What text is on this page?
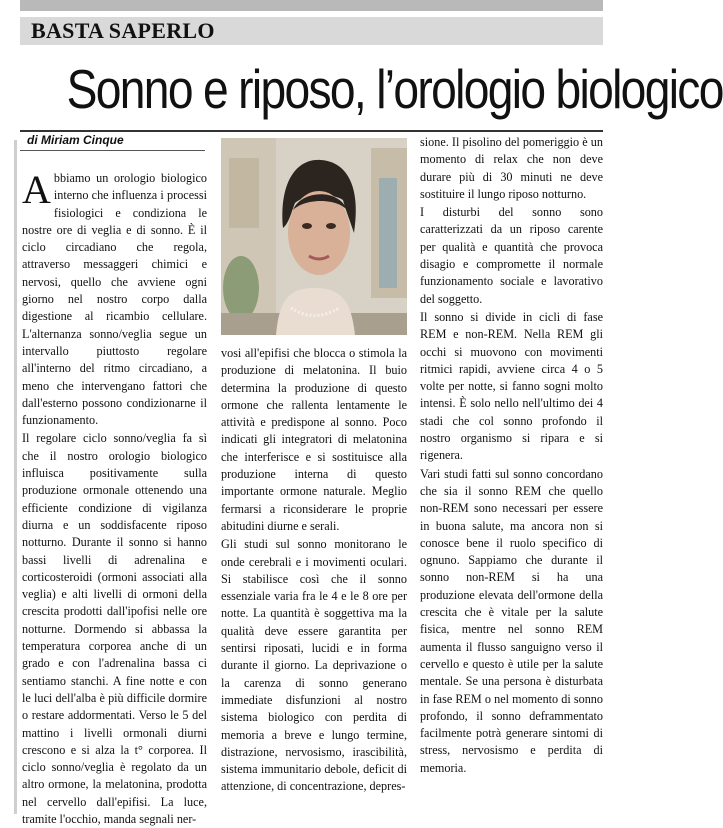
BASTA SAPERLO
Sonno e riposo, l’orologio biologico
di Miriam Cinque

Abbiamo un orologio biologico interno che influenza i processi fisiologici e condiziona le nostre ore di veglia e di sonno. È il ciclo circadiano che regola, attraverso messaggeri chimici e nervosi, quello che avviene ogni giorno nel nostro corpo dalla digestione al ricambio cellulare. L'alternanza sonno/veglia segue un intervallo piuttosto regolare all'interno del ritmo circadiano, a meno che intervengano fattori che dall'esterno possono condizionarne il funzionamento.

Il regolare ciclo sonno/veglia fa sì che il nostro orologio biologico influisca positivamente sulla produzione ormonale ottenendo una efficiente condizione di vigilanza diurna e un soddisfacente riposo notturno. Durante il sonno si hanno bassi livelli di adrenalina e corticosteroidi (ormoni associati alla veglia) e alti livelli di ormoni della crescita prodotti dall'ipofisi nelle ore notturne. Dormendo si abbassa la temperatura corporea anche di un grado e con l'adrenalina bassa ci sentiamo stanchi. A fine notte e con le luci dell'alba è più difficile dormire o restare addormentati. Verso le 5 del mattino i livelli ormonali diurni crescono e si alza la t° corporea. Il ciclo sonno/veglia è regolato da un altro ormone, la melatonina, prodotta nel cervello dall'epifisi. La luce, tramite l'occhio, manda segnali ner-

vosi all'epifisi che blocca o stimola la produzione di melatonina. Il buio determina la produzione di questo ormone che rallenta lentamente le attività e predispone al sonno. Poco indicati gli integratori di melatonina che interferisce e si sostituisce alla produzione interna di questo importante ormone naturale. Meglio fermarsi a riconsiderare le proprie abitudini diurne e serali.

Gli studi sul sonno monitorano le onde cerebrali e i movimenti oculari. Si stabilisce così che il sonno essenziale varia fra le 4 e le 8 ore per notte. La quantità è soggettiva ma la qualità deve essere garantita per sentirsi riposati, lucidi e in forma durante il giorno. La deprivazione o la carenza di sonno generano immediate disfunzioni al nostro sistema biologico con perdita di memoria a breve e lungo termine, distrazione, nervosismo, irascibilità, sistema immunitario debole, deficit di attenzione, di concentrazione, depres-

sione. Il pisolino del pomeriggio è un momento di relax che non deve durare più di 30 minuti ne deve sostituire il lungo riposo notturno.

I disturbi del sonno sono caratterizzati da un riposo carente per qualità e quantità che provoca disagio e compromette il normale funzionamento sociale e lavorativo del soggetto.

Il sonno si divide in cicli di fase REM e non-REM. Nella REM gli occhi si muovono con movimenti ritmici rapidi, avviene circa 4 o 5 volte per notte, si fanno sogni molto intensi. È solo nello nell'ultimo dei 4 stadi che col sonno profondo il nostro organismo si ripara e si rigenera.

Vari studi fatti sul sonno concordano che sia il sonno REM che quello non-REM sono necessari per essere in buona salute, ma ancora non si conosce bene il ruolo specifico di ognuno. Sappiamo che durante il sonno non-REM si ha una produzione elevata dell'ormone della crescita che è vitale per la salute fisica, mentre nel sonno REM aumenta il flusso sanguigno verso il cervello e questo è utile per la salute mentale. Se una persona è disturbata in fase REM o nel momento di sonno profondo, il sonno deframmentato facilmente potrà generare sintomi di stress, nervosismo e perdita di memoria.
